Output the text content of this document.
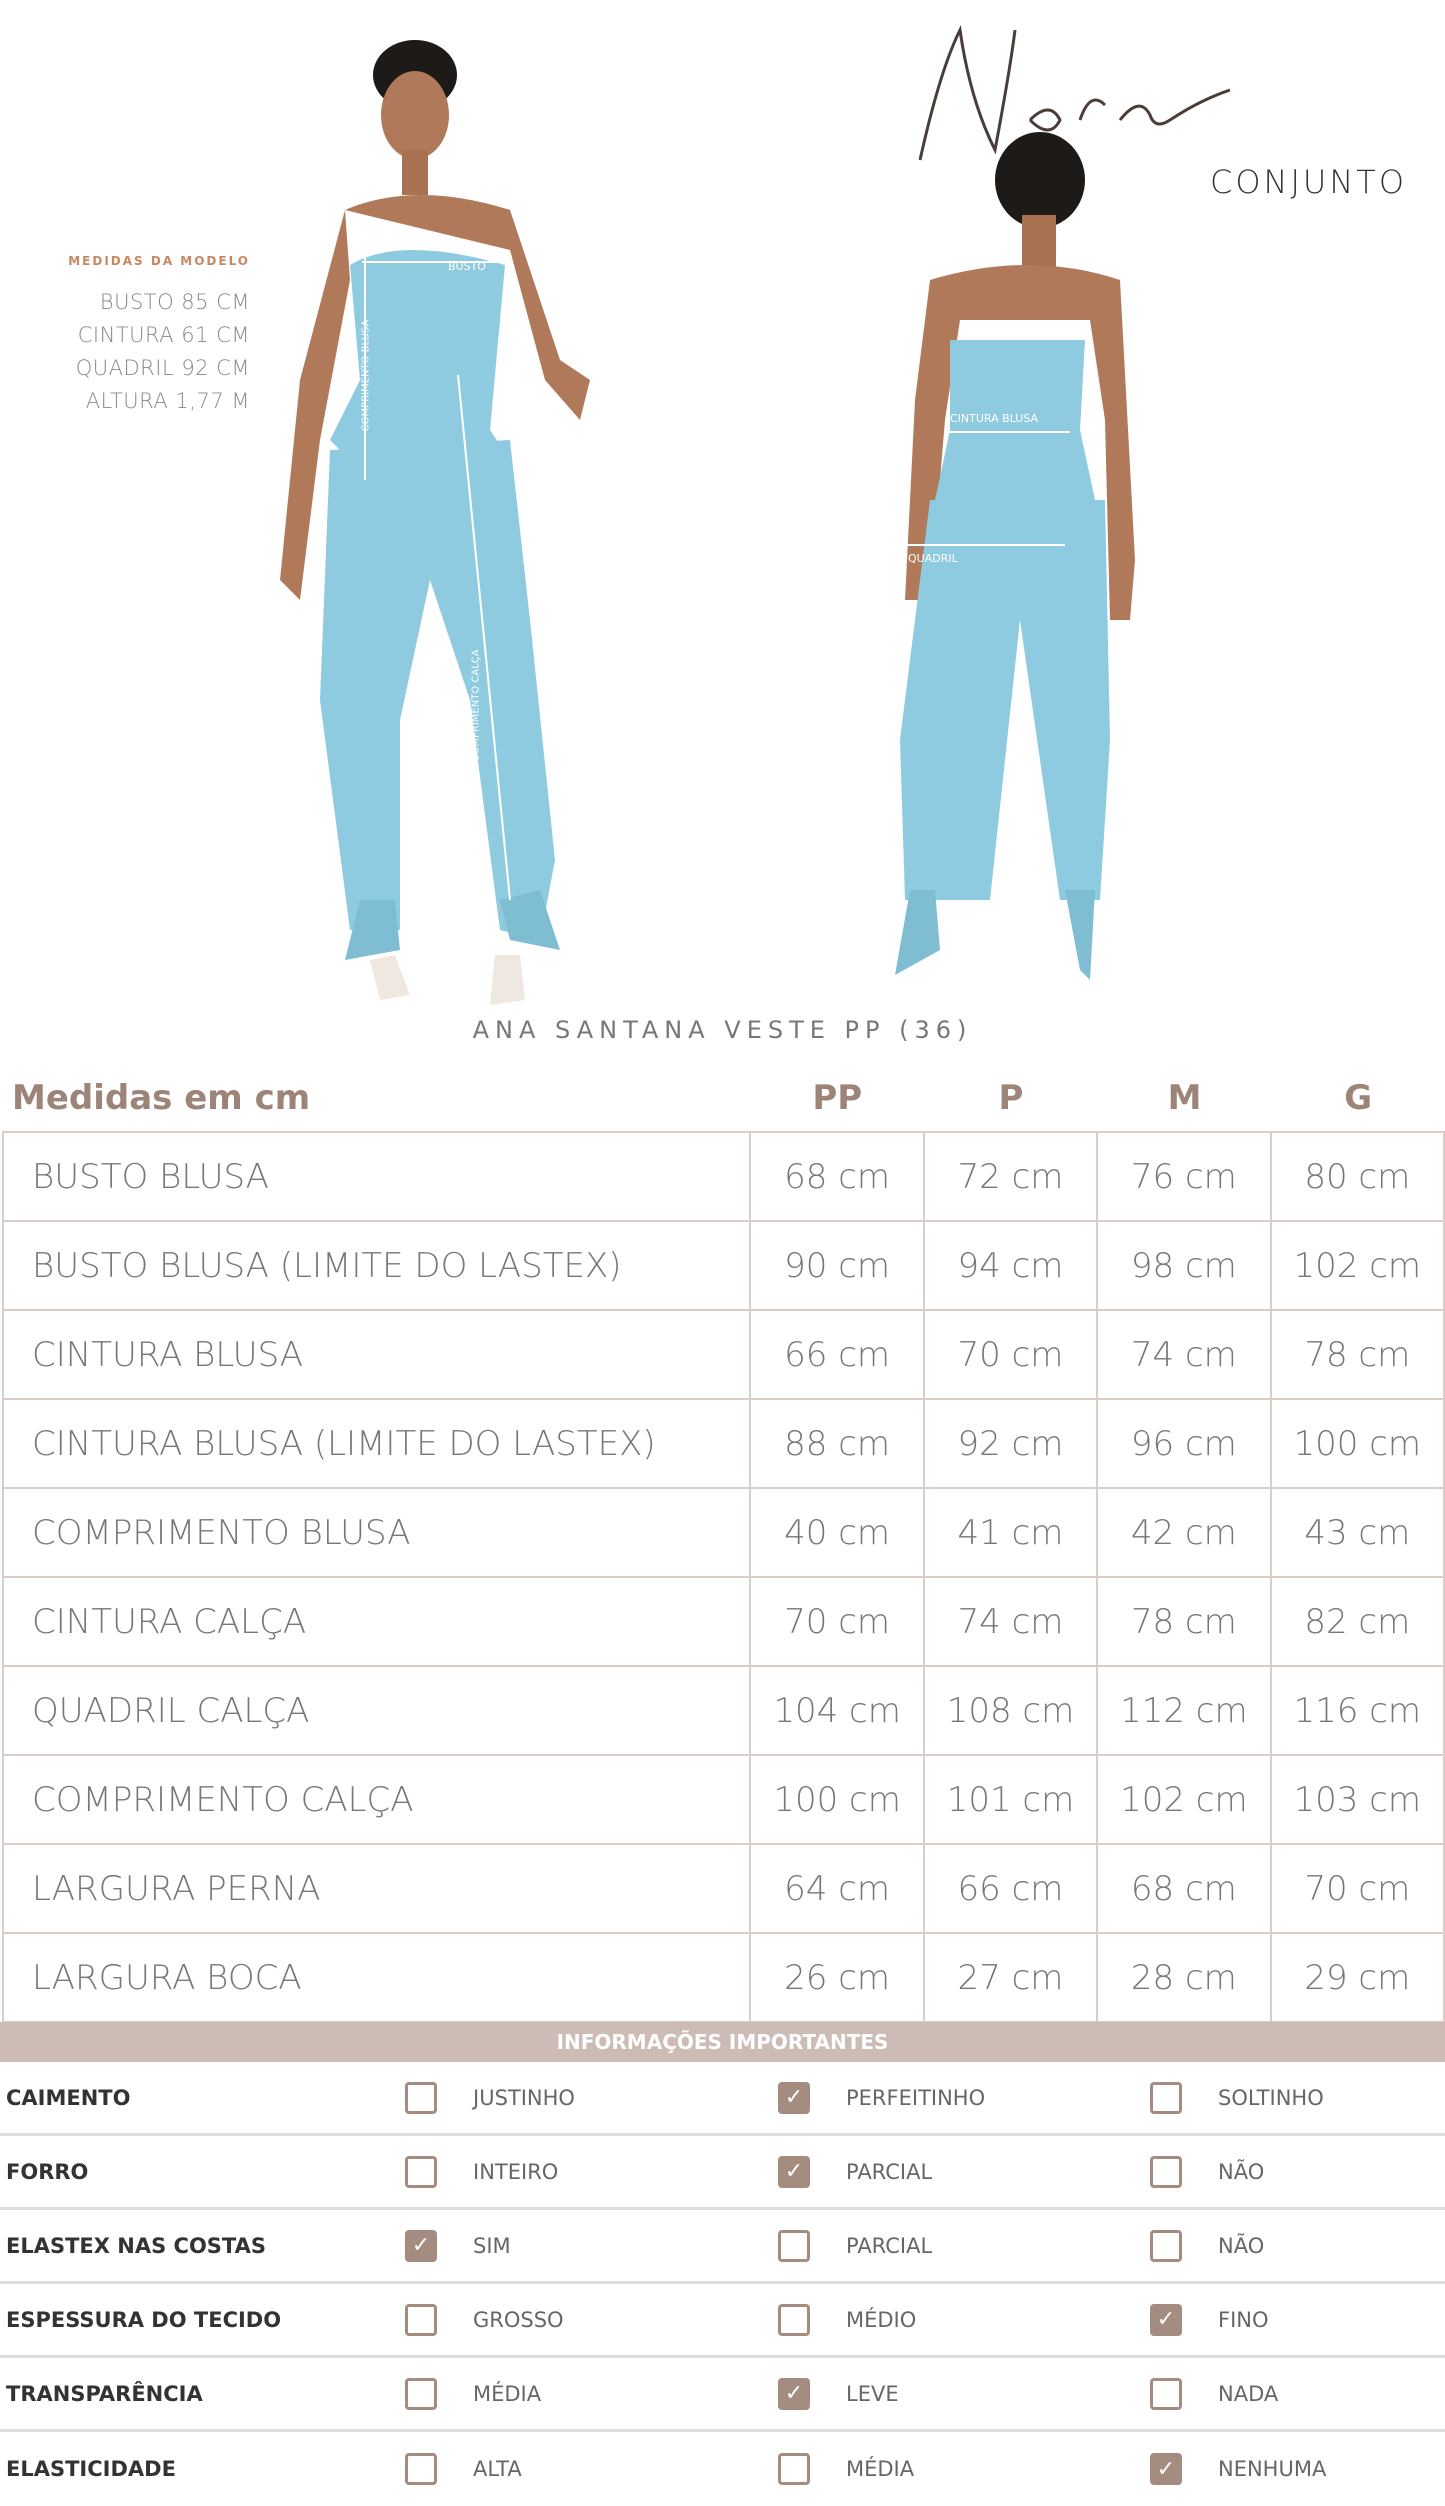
BUSTO
COMPRIMENTO BLUSA
COMPRIMENTO CALÇA
CINTURA BLUSA
QUADRIL
MEDIDAS DA MODELO
BUSTO 85 CM
CINTURA 61 CM
QUADRIL 92 CM
ALTURA 1,77 M
CONJUNTO
ANA SANTANA VESTE PP (36)
Medidas em cm	PP	P	M	G
BUSTO BLUSA	68 cm	72 cm	76 cm	80 cm
BUSTO BLUSA (LIMITE DO LASTEX)	90 cm	94 cm	98 cm	102 cm
CINTURA BLUSA	66 cm	70 cm	74 cm	78 cm
CINTURA BLUSA (LIMITE DO LASTEX)	88 cm	92 cm	96 cm	100 cm
COMPRIMENTO BLUSA	40 cm	41 cm	42 cm	43 cm
CINTURA CALÇA	70 cm	74 cm	78 cm	82 cm
QUADRIL CALÇA	104 cm	108 cm	112 cm	116 cm
COMPRIMENTO CALÇA	100 cm	101 cm	102 cm	103 cm
LARGURA PERNA	64 cm	66 cm	68 cm	70 cm
LARGURA BOCA	26 cm	27 cm	28 cm	29 cm
INFORMAÇÕES IMPORTANTES
CAIMENTO	JUSTINHO	✓	PERFEITINHO	SOLTINHO
FORRO	INTEIRO	✓	PARCIAL	NÃO
ELASTEX NAS COSTAS	✓	SIM	PARCIAL	NÃO
ESPESSURA DO TECIDO	GROSSO	MÉDIO	✓	FINO
TRANSPARÊNCIA	MÉDIA	✓	LEVE	NADA
ELASTICIDADE	ALTA	MÉDIA	✓	NENHUMA
